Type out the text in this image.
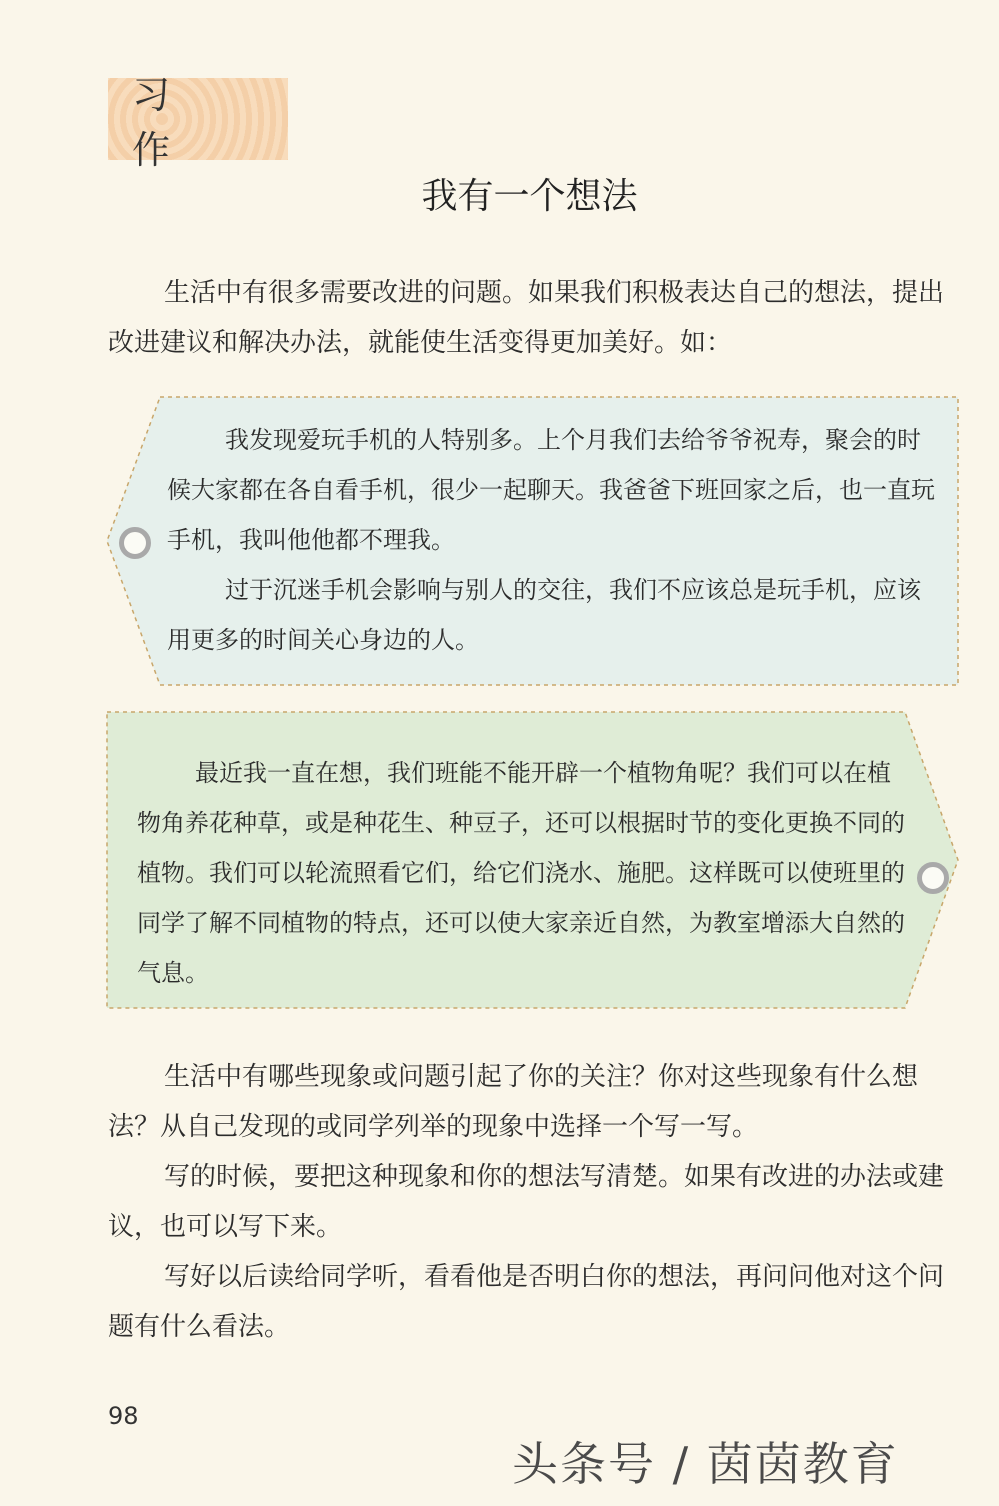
习 作
我有一个想法

生活中有很多需要改进的问题。如果我们积极表达自己的想法，提出改进建议和解决办法，就能使生活变得更加美好。如：

我发现爱玩手机的人特别多。上个月我们去给爷爷祝寿，聚会的时候大家都在各自看手机，很少一起聊天。我爸爸下班回家之后，也一直玩手机，我叫他他都不理我。

过于沉迷手机会影响与别人的交往，我们不应该总是玩手机，应该用更多的时间关心身边的人。

最近我一直在想，我们班能不能开辟一个植物角呢？我们可以在植物角养花种草，或是种花生、种豆子，还可以根据时节的变化更换不同的植物。我们可以轮流照看它们，给它们浇水、施肥。这样既可以使班里的同学了解不同植物的特点，还可以使大家亲近自然，为教室增添大自然的气息。

生活中有哪些现象或问题引起了你的关注？你对这些现象有什么想法？从自己发现的或同学列举的现象中选择一个写一写。

写的时候，要把这种现象和你的想法写清楚。如果有改进的办法或建议，也可以写下来。

写好以后读给同学听，看看他是否明白你的想法，再问问他对这个问题有什么看法。

98
头条号 / 茵茵教育
